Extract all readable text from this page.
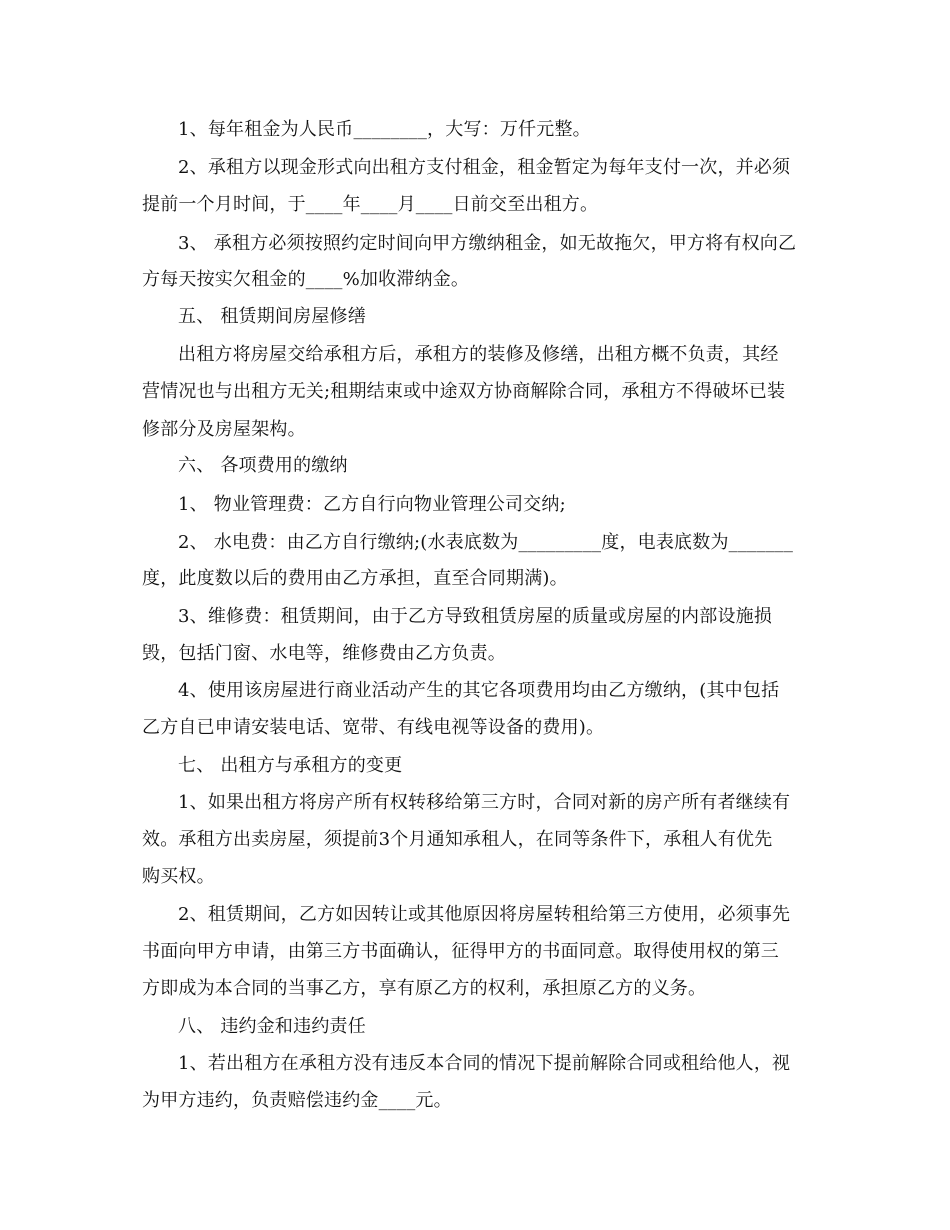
1、每年租金为人民币________，大写：万仟元整。
2、承租方以现金形式向出租方支付租金，租金暂定为每年支付一次，并必须
提前一个月时间，于____年____月____日前交至出租方。
3、 承租方必须按照约定时间向甲方缴纳租金，如无故拖欠，甲方将有权向乙
方每天按实欠租金的____%加收滞纳金。
五、 租赁期间房屋修缮
出租方将房屋交给承租方后，承租方的装修及修缮，出租方概不负责，其经
营情况也与出租方无关;租期结束或中途双方协商解除合同，承租方不得破坏已装
修部分及房屋架构。
六、 各项费用的缴纳
1、 物业管理费：乙方自行向物业管理公司交纳;
2、 水电费：由乙方自行缴纳;(水表底数为_________度，电表底数为_______
度，此度数以后的费用由乙方承担，直至合同期满)。
3、维修费：租赁期间，由于乙方导致租赁房屋的质量或房屋的内部设施损
毁，包括门窗、水电等，维修费由乙方负责。
4、使用该房屋进行商业活动产生的其它各项费用均由乙方缴纳，(其中包括
乙方自已申请安装电话、宽带、有线电视等设备的费用)。
七、 出租方与承租方的变更
1、如果出租方将房产所有权转移给第三方时，合同对新的房产所有者继续有
效。承租方出卖房屋，须提前3个月通知承租人，在同等条件下，承租人有优先
购买权。
2、租赁期间，乙方如因转让或其他原因将房屋转租给第三方使用，必须事先
书面向甲方申请，由第三方书面确认，征得甲方的书面同意。取得使用权的第三
方即成为本合同的当事乙方，享有原乙方的权利，承担原乙方的义务。
八、 违约金和违约责任
1、若出租方在承租方没有违反本合同的情况下提前解除合同或租给他人，视
为甲方违约，负责赔偿违约金____元。
